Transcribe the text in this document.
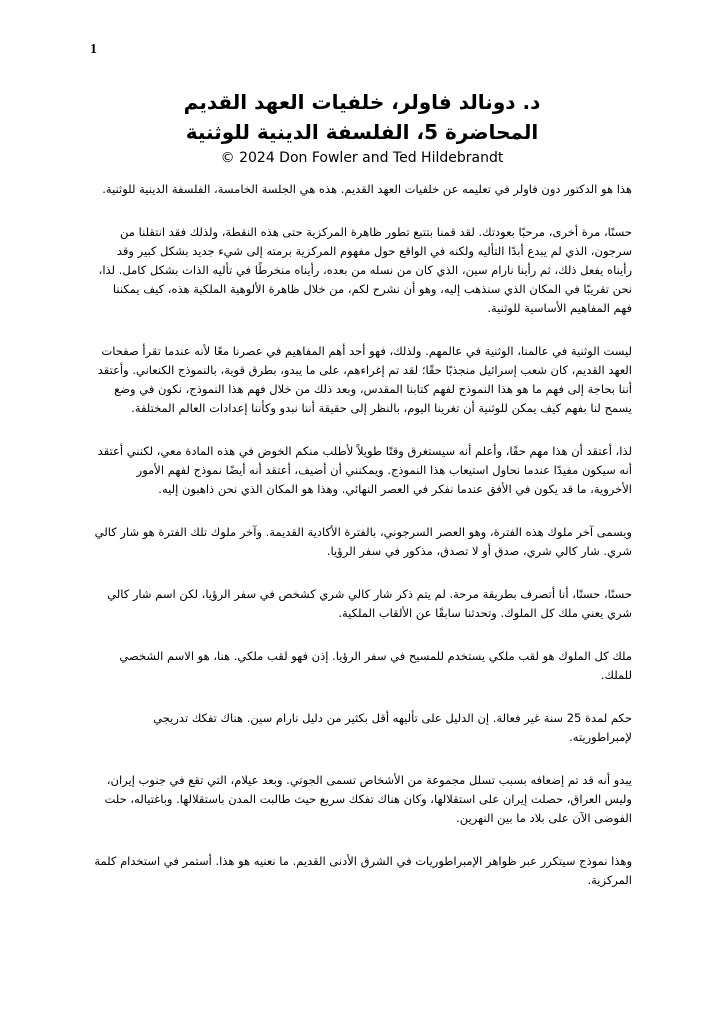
1
د. دونالد فاولر، خلفيات العهد القديم
المحاضرة 5، الفلسفة الدينية للوثنية
© 2024 Don Fowler and Ted Hildebrandt

هذا هو الدكتور دون فاولر في تعليمه عن خلفيات العهد القديم. هذه هي الجلسة الخامسة، الفلسفة الدينية للوثنية.

حسنًا، مرة أخرى، مرحبًا بعودتك. لقد قمنا بتتبع تطور ظاهرة المركزية حتى هذه النقطة، ولذلك فقد انتقلنا من سرجون، الذي لم يبدع أبدًا التأليه ولكنه في الواقع حول مفهوم المركزية برمته إلى شيء جديد بشكل كبير وقد رأيناه يفعل ذلك، ثم رأينا نارام سين، الذي كان من نسله من بعده، رأيناه منخرطًا في تأليه الذات بشكل كامل. لذا، نحن تقريبًا في المكان الذي سنذهب إليه، وهو أن نشرح لكم، من خلال ظاهرة الألوهية الملكية هذه، كيف يمكننا فهم المفاهيم الأساسية للوثنية.

ليست الوثنية في عالمنا، الوثنية في عالمهم. ولذلك، فهو أحد أهم المفاهيم في عصرنا معًا لأنه عندما تقرأ صفحات العهد القديم، كان شعب إسرائيل منجذبًا حقًا؛ لقد تم إغراءهم، على ما يبدو، بطرق قوية، بالنموذج الكنعاني. وأعتقد أننا بحاجة إلى فهم ما هو هذا النموذج لفهم كتابنا المقدس، وبعد ذلك من خلال فهم هذا النموذج، نكون في وضع يسمح لنا بفهم كيف يمكن للوثنية أن تغرينا اليوم، بالنظر إلى حقيقة أننا نبدو وكأننا إعدادات العالم المختلفة.

لذا، أعتقد أن هذا مهم حقًا، وأعلم أنه سيستغرق وقتًا طويلاً لأطلب منكم الخوض في هذه المادة معي، لكنني أعتقد أنه سيكون مفيدًا عندما نحاول استيعاب هذا النموذج. ويمكنني أن أضيف، أعتقد أنه أيضًا نموذج لفهم الأمور الأخروية، ما قد يكون في الأفق عندما نفكر في العصر النهائي. وهذا هو المكان الذي نحن ذاهبون إليه.

ويسمى آخر ملوك هذه الفترة، وهو العصر السرجوني، بالفترة الأكادية القديمة. وآخر ملوك تلك الفترة هو شار كالي شري. شار كالي شري، صدق أو لا تصدق، مذكور في سفر الرؤيا.

حسنًا، حسنًا، أنا أتصرف بطريقة مرحة. لم يتم ذكر شار كالي شري كشخص في سفر الرؤيا، لكن اسم شار كالي شري يعني ملك كل الملوك. وتحدثنا سابقًا عن الألقاب الملكية.

ملك كل الملوك هو لقب ملكي يستخدم للمسيح في سفر الرؤيا. إذن فهو لقب ملكي. هنا، هو الاسم الشخصي للملك.

حكم لمدة 25 سنة غير فعالة. إن الدليل على تأليهه أقل بكثير من دليل نارام سين. هناك تفكك تدريجي لإمبراطوريته.

يبدو أنه قد تم إضعافه بسبب تسلل مجموعة من الأشخاص تسمى الجوتي. وبعد عيلام، التي تقع في جنوب إيران، وليس العراق، حصلت إيران على استقلالها، وكان هناك تفكك سريع حيث طالبت المدن باستقلالها. وباغتياله، حلت الفوضى الآن على بلاد ما بين النهرين.

وهذا نموذج سيتكرر عبر ظواهر الإمبراطوريات في الشرق الأدنى القديم. ما نعنيه هو هذا. أستمر في استخدام كلمة المركزية.
